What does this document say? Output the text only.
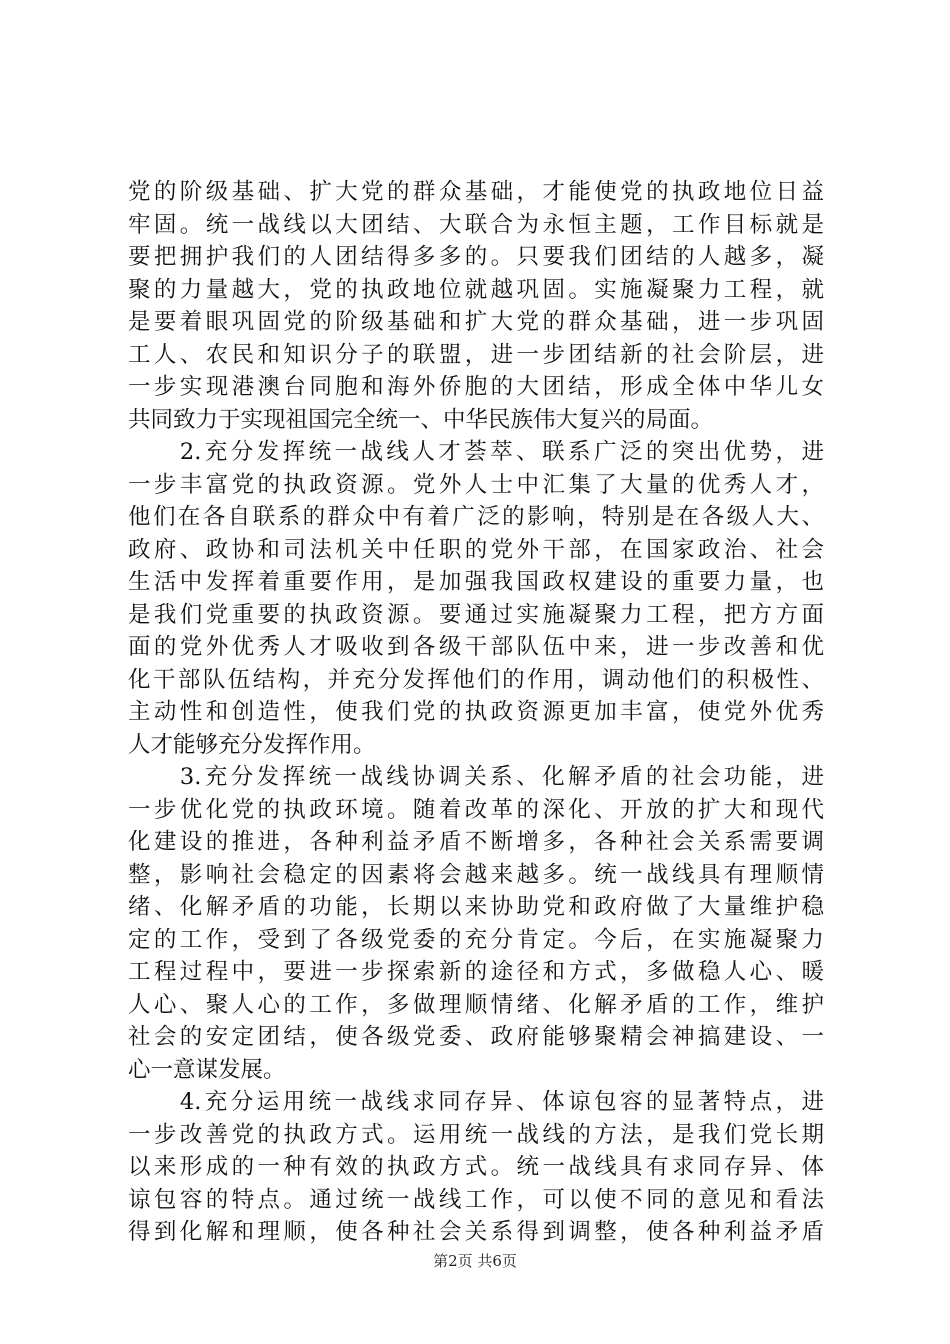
党的阶级基础、扩大党的群众基础，才能使党的执政地位日益
牢固。统一战线以大团结、大联合为永恒主题，工作目标就是
要把拥护我们的人团结得多多的。只要我们团结的人越多，凝
聚的力量越大，党的执政地位就越巩固。实施凝聚力工程，就
是要着眼巩固党的阶级基础和扩大党的群众基础，进一步巩固
工人、农民和知识分子的联盟，进一步团结新的社会阶层，进
一步实现港澳台同胞和海外侨胞的大团结，形成全体中华儿女
共同致力于实现祖国完全统一、中华民族伟大复兴的局面。
　　2.充分发挥统一战线人才荟萃、联系广泛的突出优势，进
一步丰富党的执政资源。党外人士中汇集了大量的优秀人才，
他们在各自联系的群众中有着广泛的影响，特别是在各级人大、
政府、政协和司法机关中任职的党外干部，在国家政治、社会
生活中发挥着重要作用，是加强我国政权建设的重要力量，也
是我们党重要的执政资源。要通过实施凝聚力工程，把方方面
面的党外优秀人才吸收到各级干部队伍中来，进一步改善和优
化干部队伍结构，并充分发挥他们的作用，调动他们的积极性、
主动性和创造性，使我们党的执政资源更加丰富，使党外优秀
人才能够充分发挥作用。
　　3.充分发挥统一战线协调关系、化解矛盾的社会功能，进
一步优化党的执政环境。随着改革的深化、开放的扩大和现代
化建设的推进，各种利益矛盾不断增多，各种社会关系需要调
整，影响社会稳定的因素将会越来越多。统一战线具有理顺情
绪、化解矛盾的功能，长期以来协助党和政府做了大量维护稳
定的工作，受到了各级党委的充分肯定。今后，在实施凝聚力
工程过程中，要进一步探索新的途径和方式，多做稳人心、暖
人心、聚人心的工作，多做理顺情绪、化解矛盾的工作，维护
社会的安定团结，使各级党委、政府能够聚精会神搞建设、一
心一意谋发展。
　　4.充分运用统一战线求同存异、体谅包容的显著特点，进
一步改善党的执政方式。运用统一战线的方法，是我们党长期
以来形成的一种有效的执政方式。统一战线具有求同存异、体
谅包容的特点。通过统一战线工作，可以使不同的意见和看法
得到化解和理顺，使各种社会关系得到调整，使各种利益矛盾
第2页 共6页
